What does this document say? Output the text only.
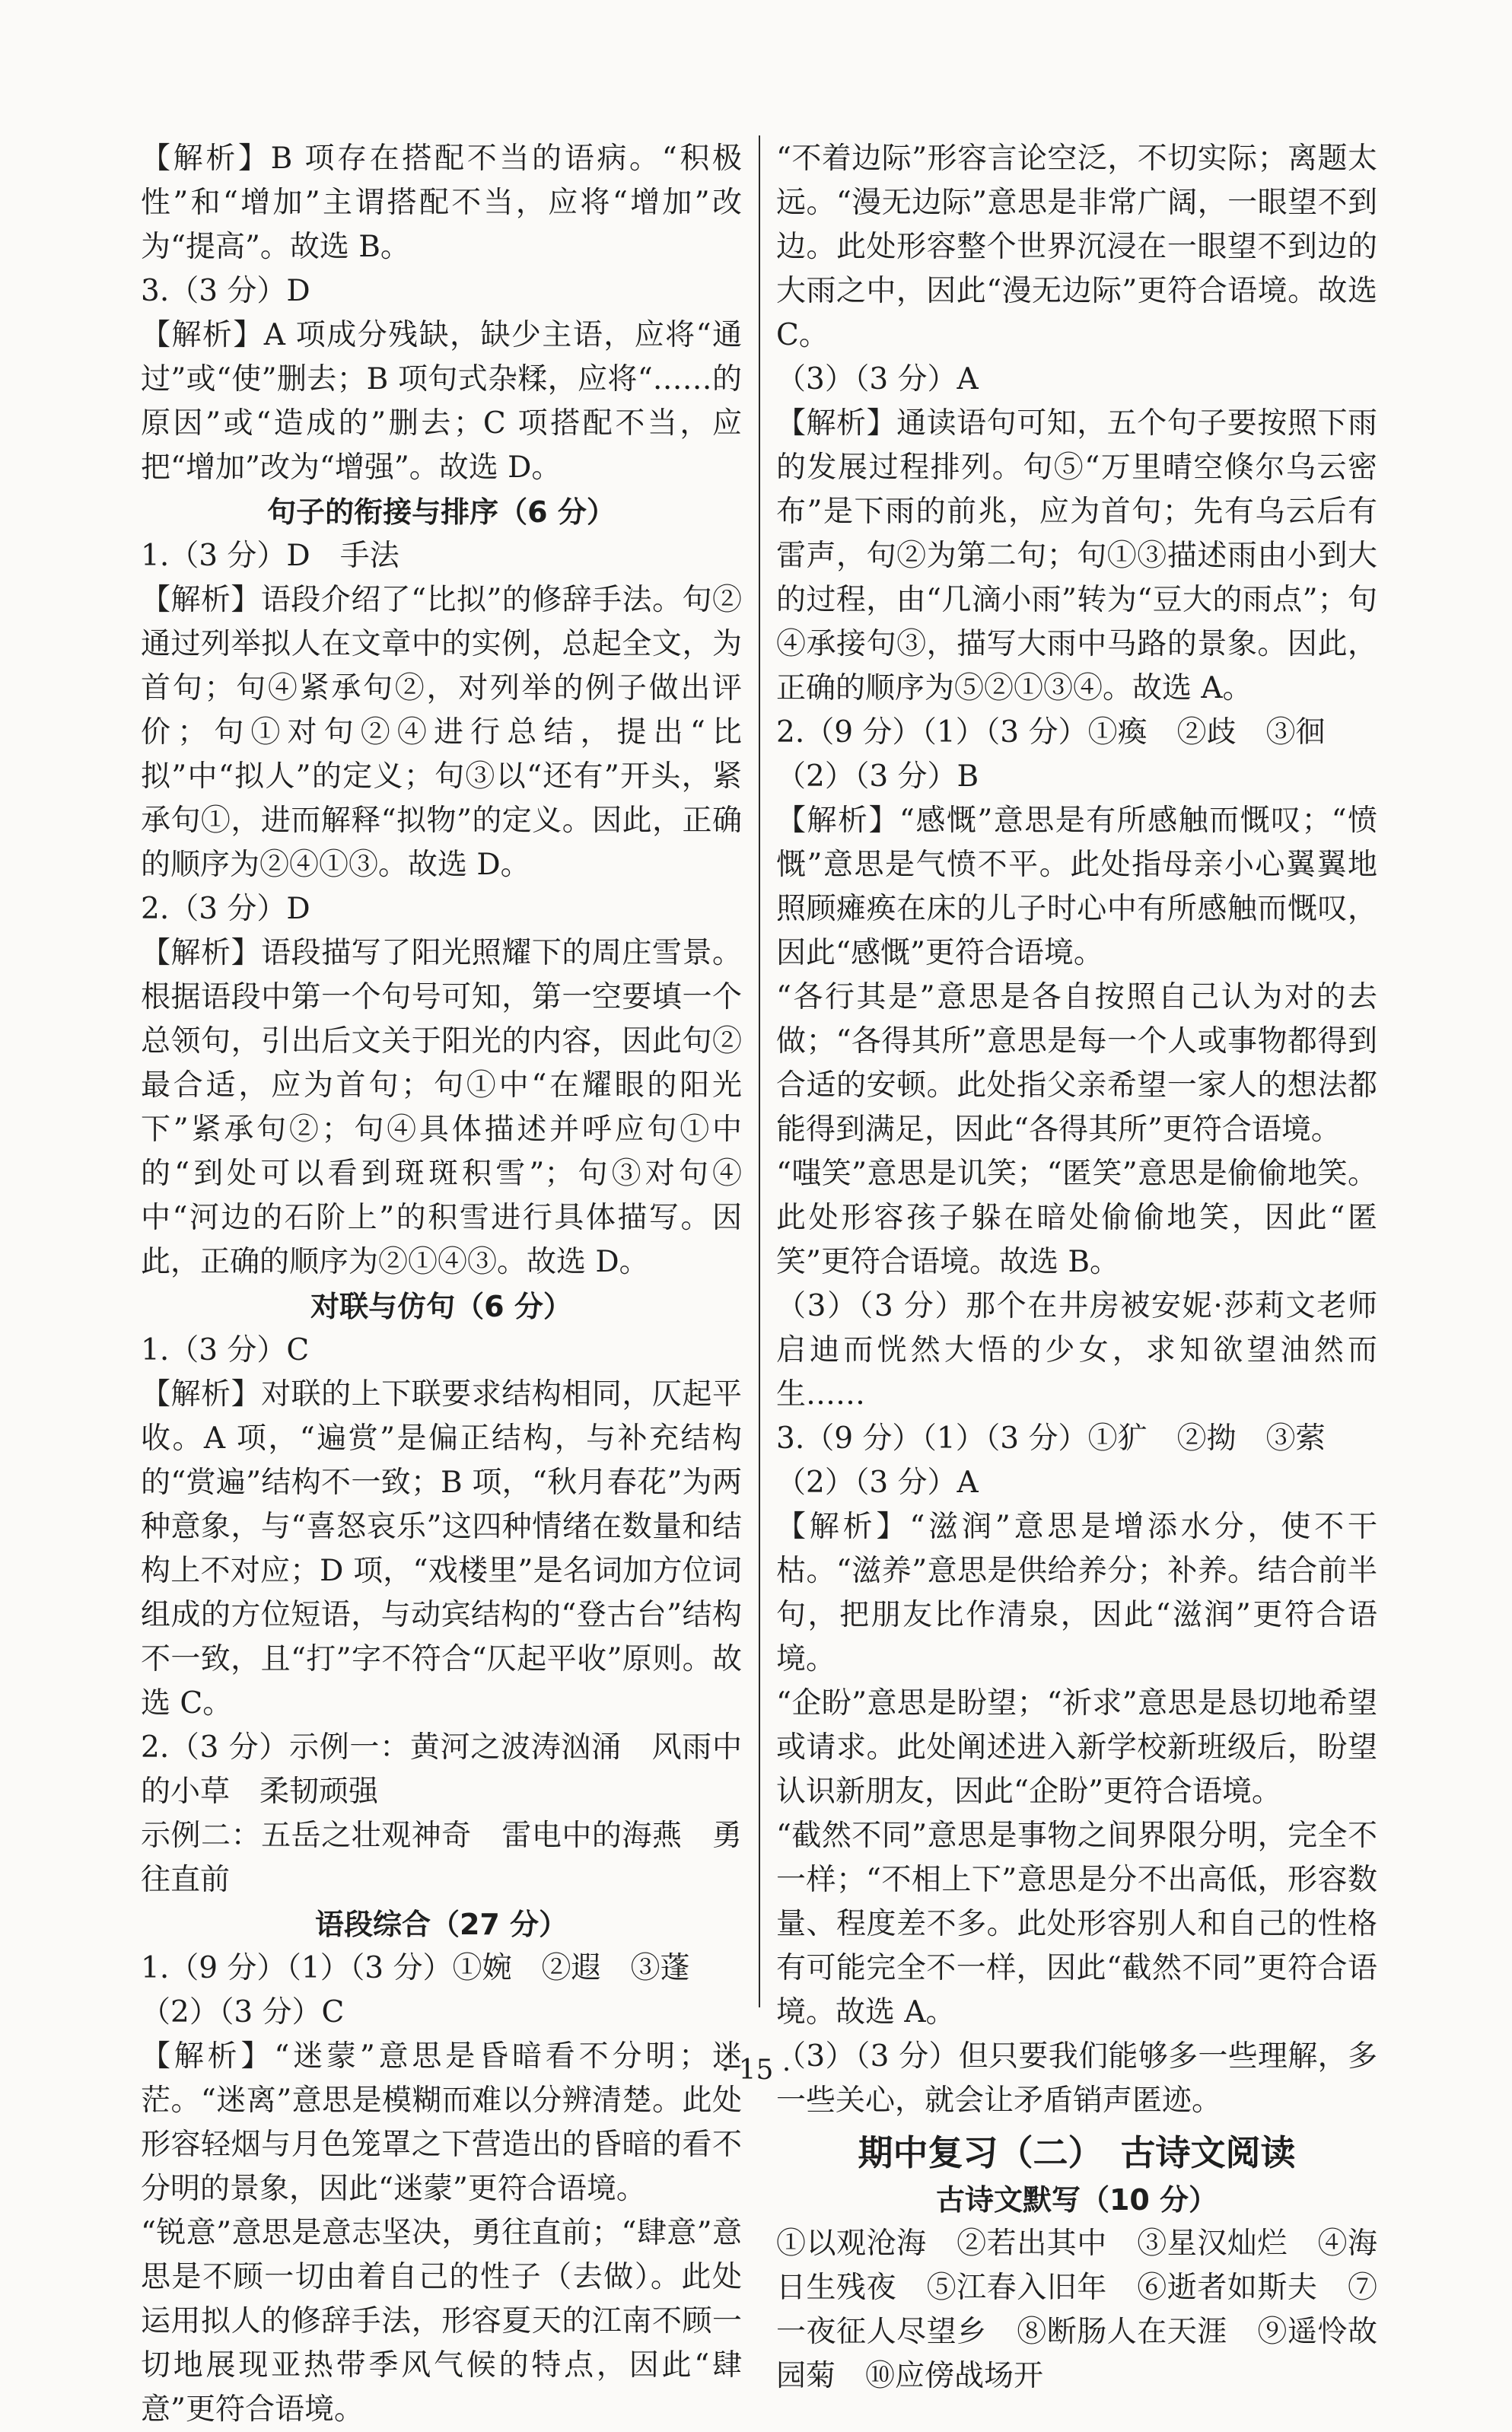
【解析】B 项存在搭配不当的语病。“积极性”和“增加”主谓搭配不当，应将“增加”改为“提高”。故选 B。

3.（3 分）D

【解析】A 项成分残缺，缺少主语，应将“通过”或“使”删去；B 项句式杂糅，应将“……的原因”或“造成的”删去；C 项搭配不当，应把“增加”改为“增强”。故选 D。

句子的衔接与排序（6 分）

1.（3 分）D　手法

【解析】语段介绍了“比拟”的修辞手法。句②通过列举拟人在文章中的实例，总起全文，为首句；句④紧承句②，对列举的例子做出评价；句①对句②④进行总结，提出“比拟”中“拟人”的定义；句③以“还有”开头，紧承句①，进而解释“拟物”的定义。因此，正确的顺序为②④①③。故选 D。

2.（3 分）D

【解析】语段描写了阳光照耀下的周庄雪景。根据语段中第一个句号可知，第一空要填一个总领句，引出后文关于阳光的内容，因此句②最合适，应为首句；句①中“在耀眼的阳光下”紧承句②；句④具体描述并呼应句①中的“到处可以看到斑斑积雪”；句③对句④中“河边的石阶上”的积雪进行具体描写。因此，正确的顺序为②①④③。故选 D。

对联与仿句（6 分）

1.（3 分）C

【解析】对联的上下联要求结构相同，仄起平收。A 项，“遍赏”是偏正结构，与补充结构的“赏遍”结构不一致；B 项，“秋月春花”为两种意象，与“喜怒哀乐”这四种情绪在数量和结构上不对应；D 项，“戏楼里”是名词加方位词组成的方位短语，与动宾结构的“登古台”结构不一致，且“打”字不符合“仄起平收”原则。故选 C。

2.（3 分）示例一：黄河之波涛汹涌　风雨中的小草　柔韧顽强

示例二：五岳之壮观神奇　雷电中的海燕　勇往直前

语段综合（27 分）

1.（9 分）（1）（3 分）①婉　②遐　③蓬

（2）（3 分）C

【解析】“迷蒙”意思是昏暗看不分明；迷茫。“迷离”意思是模糊而难以分辨清楚。此处形容轻烟与月色笼罩之下营造出的昏暗的看不分明的景象，因此“迷蒙”更符合语境。

“锐意”意思是意志坚决，勇往直前；“肆意”意思是不顾一切由着自己的性子（去做）。此处运用拟人的修辞手法，形容夏天的江南不顾一切地展现亚热带季风气候的特点，因此“肆意”更符合语境。

“不着边际”形容言论空泛，不切实际；离题太远。“漫无边际”意思是非常广阔，一眼望不到边。此处形容整个世界沉浸在一眼望不到边的大雨之中，因此“漫无边际”更符合语境。故选 C。

（3）（3 分）A

【解析】通读语句可知，五个句子要按照下雨的发展过程排列。句⑤“万里晴空倏尔乌云密布”是下雨的前兆，应为首句；先有乌云后有雷声，句②为第二句；句①③描述雨由小到大的过程，由“几滴小雨”转为“豆大的雨点”；句④承接句③，描写大雨中马路的景象。因此，正确的顺序为⑤②①③④。故选 A。

2.（9 分）（1）（3 分）①瘓　②歧　③徊

（2）（3 分）B

【解析】“感慨”意思是有所感触而慨叹；“愤慨”意思是气愤不平。此处指母亲小心翼翼地照顾瘫痪在床的儿子时心中有所感触而慨叹，因此“感慨”更符合语境。

“各行其是”意思是各自按照自己认为对的去做；“各得其所”意思是每一个人或事物都得到合适的安顿。此处指父亲希望一家人的想法都能得到满足，因此“各得其所”更符合语境。

“嗤笑”意思是讥笑；“匿笑”意思是偷偷地笑。此处形容孩子躲在暗处偷偷地笑，因此“匿笑”更符合语境。故选 B。

（3）（3 分）那个在井房被安妮·莎莉文老师启迪而恍然大悟的少女，求知欲望油然而生……

3.（9 分）（1）（3 分）①犷　②拗　③萦

（2）（3 分）A

【解析】“滋润”意思是增添水分，使不干枯。“滋养”意思是供给养分；补养。结合前半句，把朋友比作清泉，因此“滋润”更符合语境。

“企盼”意思是盼望；“祈求”意思是恳切地希望或请求。此处阐述进入新学校新班级后，盼望认识新朋友，因此“企盼”更符合语境。

“截然不同”意思是事物之间界限分明，完全不一样；“不相上下”意思是分不出高低，形容数量、程度差不多。此处形容别人和自己的性格有可能完全不一样，因此“截然不同”更符合语境。故选 A。

（3）（3 分）但只要我们能够多一些理解，多一些关心，就会让矛盾销声匿迹。

期中复习（二）　古诗文阅读
古诗文默写（10 分）

①以观沧海　②若出其中　③星汉灿烂　④海日生残夜　⑤江春入旧年　⑥逝者如斯夫　⑦一夜征人尽望乡　⑧断肠人在天涯　⑨遥怜故园菊　⑩应傍战场开

· 15 ·
